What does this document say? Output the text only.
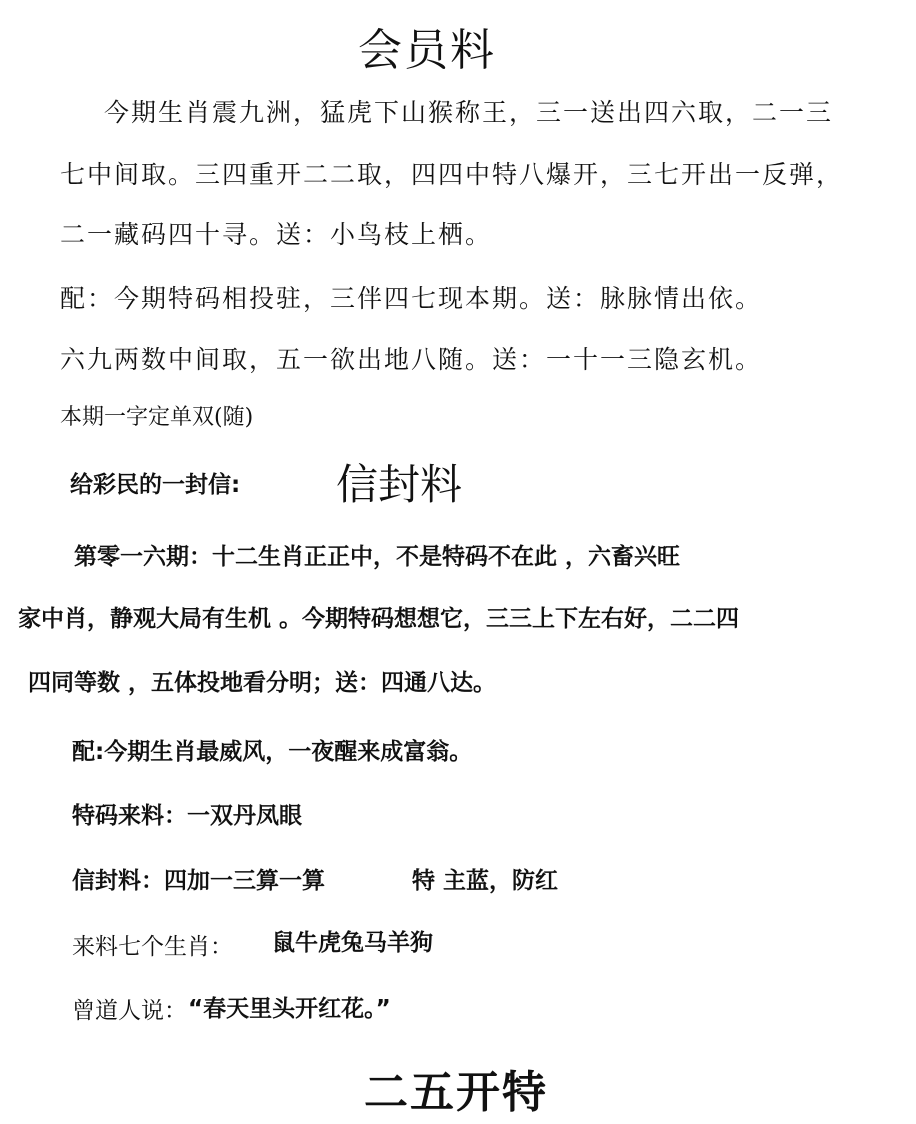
会员料
今期生肖震九洲，猛虎下山猴称王，三一送出四六取，二一三
七中间取。三四重开二二取，四四中特八爆开，三七开出一反弹，
二一藏码四十寻。送：小鸟枝上栖。
配：今期特码相投驻，三伴四七现本期。送：脉脉情出依。
六九两数中间取，五一欲出地八随。送：一十一三隐玄机。
本期一字定单双(随)
给彩民的一封信: 信封料
第零一六期：十二生肖正正中，不是特码不在此 ，六畜兴旺
家中肖，静观大局有生机 。今期特码想想它，三三上下左右好，二二四
四同等数 ，五体投地看分明；送：四通八达。
配:今期生肖最威风，一夜醒来成富翁。
特码来料：一双丹凤眼
信封料：四加一三算一算	特 主蓝，防红
来料七个生肖： 鼠牛虎兔马羊狗
曾道人说： “春天里头开红花。”
二五开特
